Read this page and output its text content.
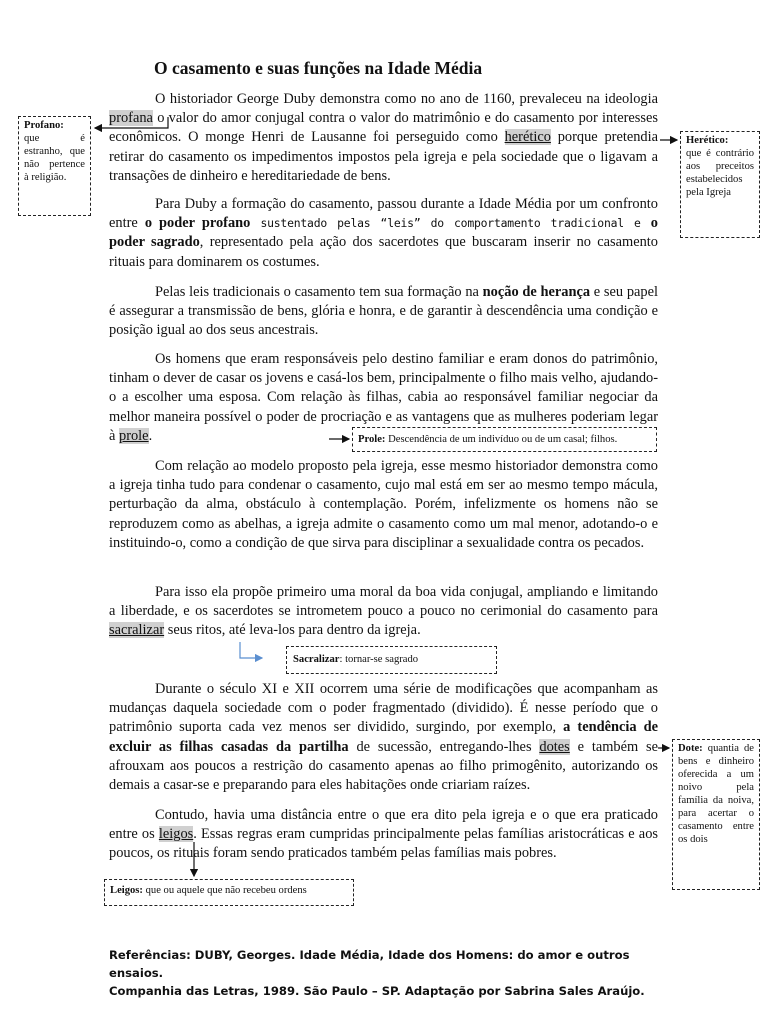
O casamento e suas funções na Idade Média

O historiador George Duby demonstra como no ano de 1160, prevaleceu na ideologia profana o valor do amor conjugal contra o valor do matrimônio e do casamento por interesses econômicos. O monge Henri de Lausanne foi perseguido como herético porque pretendia retirar do casamento os impedimentos impostos pela igreja e pela sociedade que o ligavam a transações de dinheiro e hereditariedade de bens.

Para Duby a formação do casamento, passou durante a Idade Média por um confronto entre o poder profano sustentado pelas “leis” do comportamento tradicional e o poder sagrado, representado pela ação dos sacerdotes que buscaram inserir no casamento rituais para dominarem os costumes.

Pelas leis tradicionais o casamento tem sua formação na noção de herança e seu papel é assegurar a transmissão de bens, glória e honra, e de garantir à descendência uma condição e posição igual ao dos seus ancestrais.

Os homens que eram responsáveis pelo destino familiar e eram donos do patrimônio, tinham o dever de casar os jovens e casá-los bem, principalmente o filho mais velho, ajudando-o a escolher uma esposa. Com relação às filhas, cabia ao responsável familiar negociar da melhor maneira possível o poder de procriação e as vantagens que as mulheres poderiam legar à prole.

Com relação ao modelo proposto pela igreja, esse mesmo historiador demonstra como a igreja tinha tudo para condenar o casamento, cujo mal está em ser ao mesmo tempo mácula, perturbação da alma, obstáculo à contemplação. Porém, infelizmente os homens não se reproduzem como as abelhas, a igreja admite o casamento como um mal menor, adotando-o e instituindo-o, como a condição de que sirva para disciplinar a sexualidade contra os pecados.

Para isso ela propõe primeiro uma moral da boa vida conjugal, ampliando e limitando a liberdade, e os sacerdotes se intrometem pouco a pouco no cerimonial do casamento para sacralizar seus ritos, até leva-los para dentro da igreja.

Durante o século XI e XII ocorrem uma série de modificações que acompanham as mudanças daquela sociedade com o poder fragmentado (dividido). É nesse período que o patrimônio suporta cada vez menos ser dividido, surgindo, por exemplo, a tendência de excluir as filhas casadas da partilha de sucessão, entregando-lhes dotes e também se afrouxam aos poucos a restrição do casamento apenas ao filho primogênito, autorizando os demais a casar-se e preparando para eles habitações onde criariam raízes.

Contudo, havia uma distância entre o que era dito pela igreja e o que era praticado entre os leigos. Essas regras eram cumpridas principalmente pelas famílias aristocráticas e aos poucos, os rituais foram sendo praticados também pelas famílias mais pobres.

Profano:
que é estranho, que não pertence à religião.
Herético:
que é contrário aos preceitos estabelecidos pela Igreja
Prole: Descendência de um indivíduo ou de um casal; filhos.
Sacralizar: tornar-se sagrado
Dote: quantia de bens e dinheiro oferecida a um noivo pela família da noiva, para acertar o casamento entre os dois
Leigos: que ou aquele que não recebeu ordens
Referências: DUBY, Georges. Idade Média, Idade dos Homens: do amor e outros ensaios.
Companhia das Letras, 1989. São Paulo – SP. Adaptação por Sabrina Sales Araújo.
